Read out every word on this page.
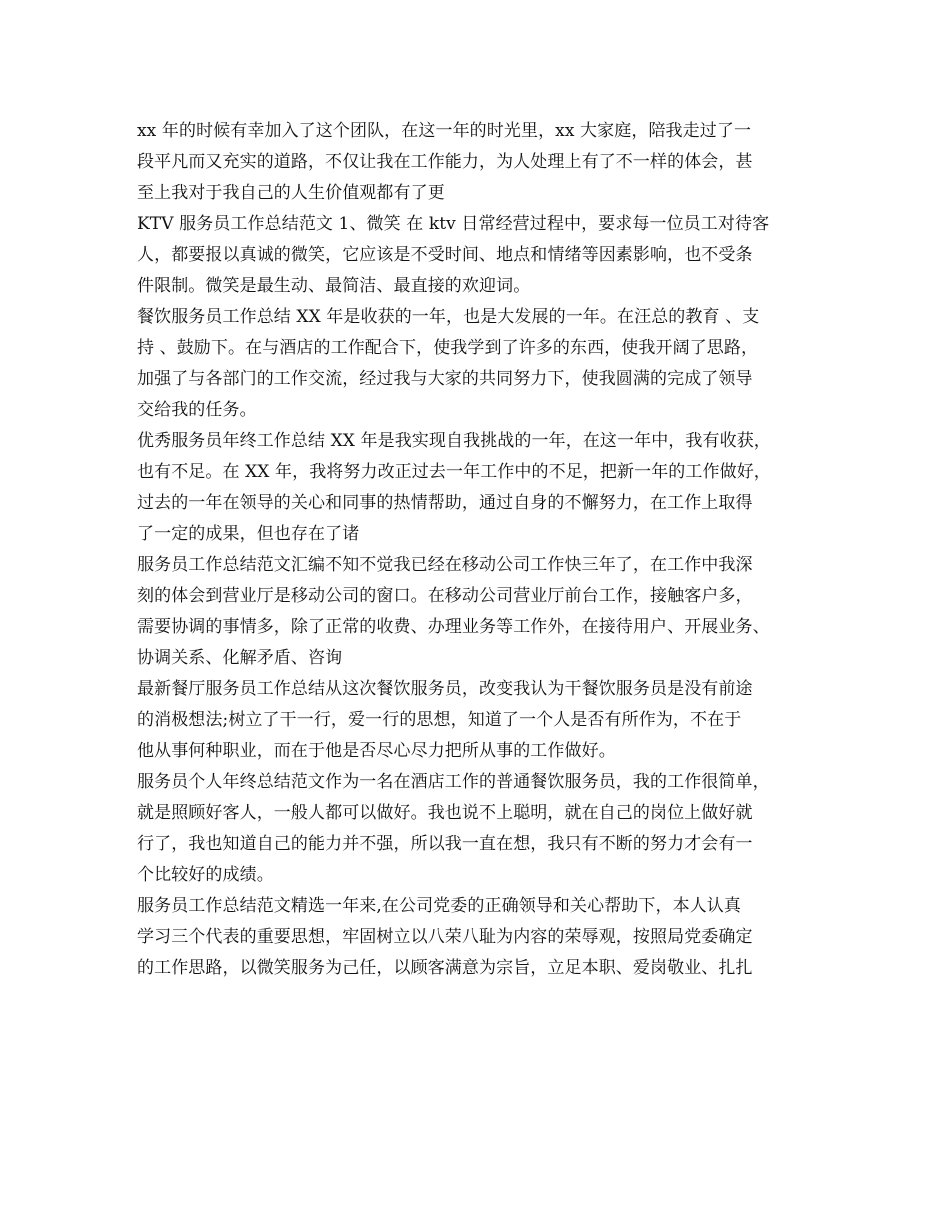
xx 年的时候有幸加入了这个团队，在这一年的时光里，xx 大家庭，陪我走过了一
段平凡而又充实的道路，不仅让我在工作能力，为人处理上有了不一样的体会，甚
至上我对于我自己的人生价值观都有了更
KTV 服务员工作总结范文 1、微笑 在 ktv 日常经营过程中，要求每一位员工对待客
人，都要报以真诚的微笑，它应该是不受时间、地点和情绪等因素影响，也不受条
件限制。微笑是最生动、最简洁、最直接的欢迎词。
餐饮服务员工作总结 XX 年是收获的一年，也是大发展的一年。在汪总的教育 、支
持 、鼓励下。在与酒店的工作配合下，使我学到了许多的东西，使我开阔了思路，
加强了与各部门的工作交流，经过我与大家的共同努力下，使我圆满的完成了领导
交给我的任务。
优秀服务员年终工作总结 XX 年是我实现自我挑战的一年，在这一年中，我有收获，
也有不足。在 XX 年，我将努力改正过去一年工作中的不足，把新一年的工作做好，
过去的一年在领导的关心和同事的热情帮助，通过自身的不懈努力，在工作上取得
了一定的成果，但也存在了诸
服务员工作总结范文汇编不知不觉我已经在移动公司工作快三年了，在工作中我深
刻的体会到营业厅是移动公司的窗口。在移动公司营业厅前台工作，接触客户多，
需要协调的事情多，除了正常的收费、办理业务等工作外，在接待用户、开展业务、
协调关系、化解矛盾、咨询
最新餐厅服务员工作总结从这次餐饮服务员，改变我认为干餐饮服务员是没有前途
的消极想法;树立了干一行，爱一行的思想，知道了一个人是否有所作为，不在于
他从事何种职业，而在于他是否尽心尽力把所从事的工作做好。
服务员个人年终总结范文作为一名在酒店工作的普通餐饮服务员，我的工作很简单，
就是照顾好客人，一般人都可以做好。我也说不上聪明，就在自己的岗位上做好就
行了，我也知道自己的能力并不强，所以我一直在想，我只有不断的努力才会有一
个比较好的成绩。
服务员工作总结范文精选一年来,在公司党委的正确领导和关心帮助下，本人认真
学习三个代表的重要思想，牢固树立以八荣八耻为内容的荣辱观，按照局党委确定
的工作思路，以微笑服务为己任，以顾客满意为宗旨，立足本职、爱岗敬业、扎扎
